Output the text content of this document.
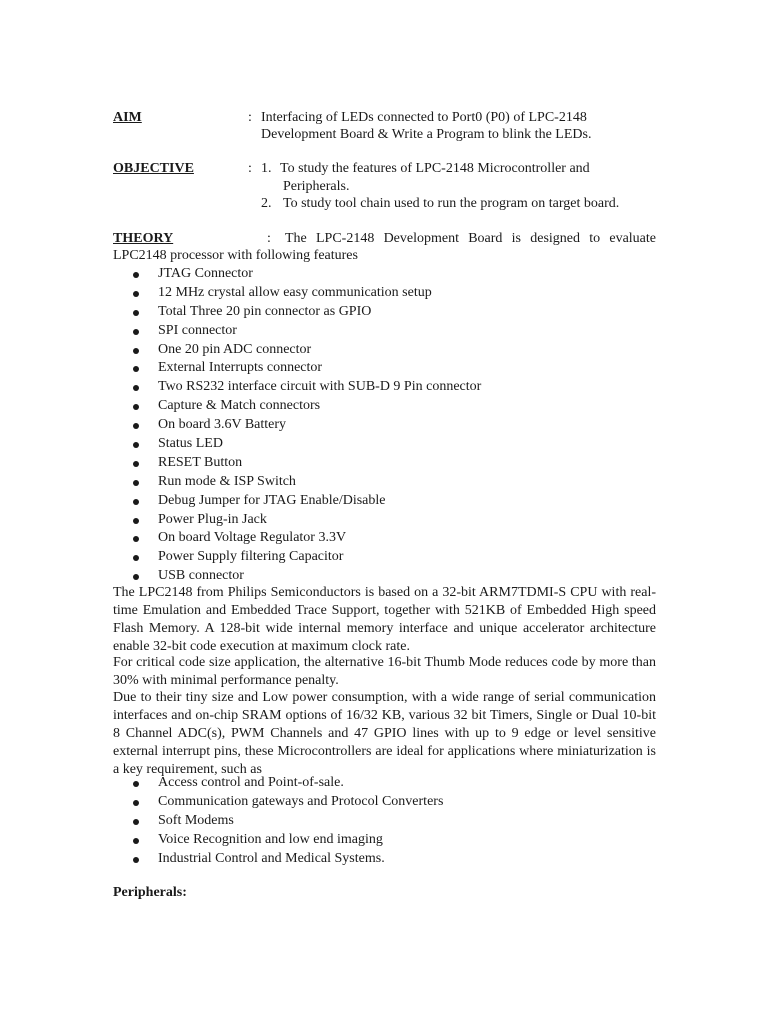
AIM	: Interfacing of LEDs connected to Port0 (P0) of LPC-2148
Development Board & Write a Program to blink the LEDs.
OBJECTIVE	: 1. To study the features of LPC-2148 Microcontroller and
Peripherals.
2. To study tool chain used to run the program on target board.
THEORY	: The LPC-2148 Development Board is designed to evaluate
LPC2148 processor with following features
JTAG Connector
12 MHz crystal allow easy communication setup
Total Three 20 pin connector as GPIO
SPI connector
One 20 pin ADC connector
External Interrupts connector
Two RS232 interface circuit with SUB-D 9 Pin connector
Capture & Match connectors
On board 3.6V Battery
Status LED
RESET Button
Run mode & ISP Switch
Debug Jumper for JTAG Enable/Disable
Power Plug-in Jack
On board Voltage Regulator 3.3V
Power Supply filtering Capacitor
USB connector

The LPC2148 from Philips Semiconductors is based on a 32-bit ARM7TDMI-S CPU with real-time Emulation and Embedded Trace Support, together with 521KB of Embedded High speed Flash Memory. A 128-bit wide internal memory interface and unique accelerator architecture enable 32-bit code execution at maximum clock rate.

For critical code size application, the alternative 16-bit Thumb Mode reduces code by more than 30% with minimal performance penalty.

Due to their tiny size and Low power consumption, with a wide range of serial communication interfaces and on-chip SRAM options of 16/32 KB, various 32 bit Timers, Single or Dual 10-bit 8 Channel ADC(s), PWM Channels and 47 GPIO lines with up to 9 edge or level sensitive external interrupt pins, these Microcontrollers are ideal for applications where miniaturization is a key requirement, such as

Access control and Point-of-sale.
Communication gateways and Protocol Converters
Soft Modems
Voice Recognition and low end imaging
Industrial Control and Medical Systems.
Peripherals:
